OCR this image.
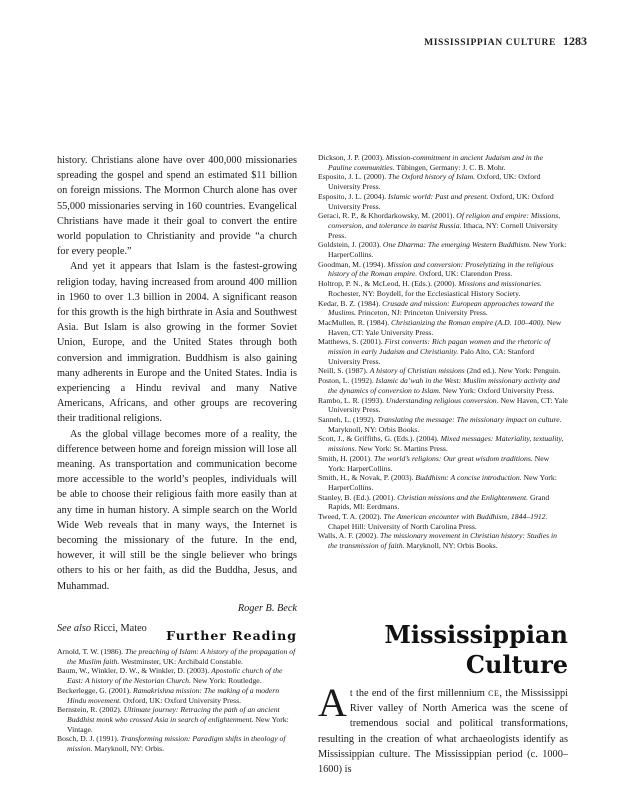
MISSISSIPPIAN CULTURE 1283

history. Christians alone have over 400,000 missionaries spreading the gospel and spend an estimated $11 billion on foreign missions. The Mormon Church alone has over 55,000 missionaries serving in 160 countries. Evangelical Christians have made it their goal to convert the entire world population to Christianity and provide “a church for every people.”

And yet it appears that Islam is the fastest-growing religion today, having increased from around 400 million in 1960 to over 1.3 billion in 2004. A significant reason for this growth is the high birthrate in Asia and Southwest Asia. But Islam is also growing in the former Soviet Union, Europe, and the United States through both conversion and immigration. Buddhism is also gaining many adherents in Europe and the United States. India is experiencing a Hindu revival and many Native Americans, Africans, and other groups are recovering their traditional religions.

As the global village becomes more of a reality, the difference between home and foreign mission will lose all meaning. As transportation and communication become more accessible to the world’s peoples, individuals will be able to choose their religious faith more easily than at any time in human history. A simple search on the World Wide Web reveals that in many ways, the Internet is becoming the missionary of the future. In the end, however, it will still be the single believer who brings others to his or her faith, as did the Buddha, Jesus, and Muhammad.

Roger B. Beck
See also Ricci, Mateo	Further Reading

Arnold, T. W. (1986). The preaching of Islam: A history of the propagation of the Muslim faith. Westminster, UK: Archibald Constable.

Baum, W., Winkler, D. W., & Winkler, D. (2003). Apostolic church of the East: A history of the Nestorian Church. New York: Routledge.

Beckerlegge, G. (2001). Ramakrishna mission: The making of a modern Hindu movement. Oxford, UK: Oxford University Press.

Bernstein, R. (2002). Ultimate journey: Retracing the path of an ancient Buddhist monk who crossed Asia in search of enlightenment. New York: Vintage.

Bosch, D. J. (1991). Transforming mission: Paradigm shifts in theology of mission. Maryknoll, NY: Orbis.

Dickson, J. P. (2003). Mission-commitment in ancient Judaism and in the Pauline communities. Tübingen, Germany: J. C. B. Mohr.

Esposito, J. L. (2000). The Oxford history of Islam. Oxford, UK: Oxford University Press.

Esposito, J. L. (2004). Islamic world: Past and present. Oxford, UK: Oxford University Press.

Geraci, R. P., & Khordarkowsky, M. (2001). Of religion and empire: Missions, conversion, and tolerance in tsarist Russia. Ithaca, NY: Cornell University Press.

Goldstein, J. (2003). One Dharma: The emerging Western Buddhism. New York: HarperCollins.

Goodman, M. (1994). Mission and conversion: Proselytizing in the religious history of the Roman empire. Oxford, UK: Clarendon Press.

Holtrop, P. N., & McLeod, H. (Eds.). (2000). Missions and missionaries. Rochester, NY: Boydell, for the Ecclesiastical History Society.

Kedar, B. Z. (1984). Crusade and mission: European approaches toward the Muslims. Princeton, NJ: Princeton University Press.

MacMullen, R. (1984). Christianizing the Roman empire (A.D. 100–400). New Haven, CT: Yale University Press.

Matthews, S. (2001). First converts: Rich pagan women and the rhetoric of mission in early Judaism and Christianity. Palo Alto, CA: Stanford University Press.

Neill, S. (1987). A history of Christian missions (2nd ed.). New York: Penguin.

Poston, L. (1992). Islamic da’wah in the West: Muslim missionary activity and the dynamics of conversion to Islam. New York: Oxford University Press.

Rambo, L. R. (1993). Understanding religious conversion. New Haven, CT: Yale University Press.

Sanneh, L. (1992). Translating the message: The missionary impact on culture. Maryknoll, NY: Orbis Books.

Scott, J., & Griffiths, G. (Eds.). (2004). Mixed messages: Materiality, textuality, missions. New York: St. Martins Press.

Smith, H. (2001). The world’s religions: Our great wisdom traditions. New York: HarperCollins.

Smith, H., & Novak, P. (2003). Buddhism: A concise introduction. New York: HarperCollins.

Stanley, B. (Ed.). (2001). Christian missions and the Enlightenment. Grand Rapids, MI: Eerdmans.

Tweed, T. A. (2002). The American encounter with Buddhism, 1844–1912. Chapel Hill: University of North Carolina Press.

Walls, A. F. (2002). The missionary movement in Christian history: Studies in the transmission of faith. Maryknoll, NY: Orbis Books.

Mississippian
Culture

At the end of the first millennium CE, the Mississippi River valley of North America was the scene of tremendous social and political transformations, resulting in the creation of what archaeologists identify as Mississippian culture. The Mississippian period (c. 1000–1600) is
